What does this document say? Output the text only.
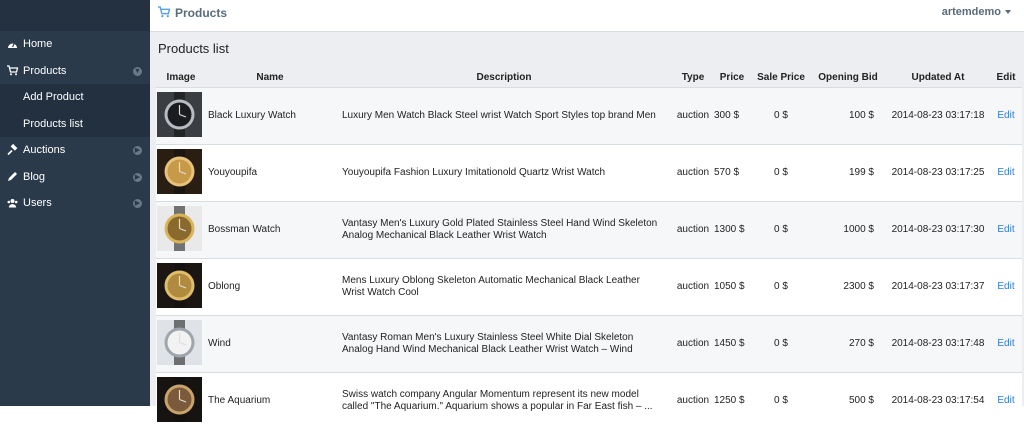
Home
Products	▼
Add Product
Products list
Auctions	▶
Blog	▶
Users	▶
Products	artemdemo
Products list
Image	Name	Description	Type	Price	Sale Price	Opening Bid	Updated At	Edit
	Black Luxury Watch	Luxury Men Watch Black Steel wrist Watch Sport Styles top brand Men	auction	300 $	0 $	100 $	2014-08-23 03:17:18	Edit
	Youyoupifa	Youyoupifa Fashion Luxury Imitationold Quartz Wrist Watch	auction	570 $	0 $	199 $	2014-08-23 03:17:25	Edit
	Bossman Watch	Vantasy Men's Luxury Gold Plated Stainless Steel Hand Wind Skeleton Analog Mechanical Black Leather Wrist Watch	auction	1300 $	0 $	1000 $	2014-08-23 03:17:30	Edit
	Oblong	Mens Luxury Oblong Skeleton Automatic Mechanical Black Leather Wrist Watch Cool	auction	1050 $	0 $	2300 $	2014-08-23 03:17:37	Edit
	Wind	Vantasy Roman Men's Luxury Stainless Steel White Dial Skeleton Analog Hand Wind Mechanical Black Leather Wrist Watch – Wind	auction	1450 $	0 $	270 $	2014-08-23 03:17:48	Edit
	The Aquarium	Swiss watch company Angular Momentum represent its new model called "The Aquarium." Aquarium shows a popular in Far East fish – ...	auction	1250 $	0 $	500 $	2014-08-23 03:17:54	Edit
